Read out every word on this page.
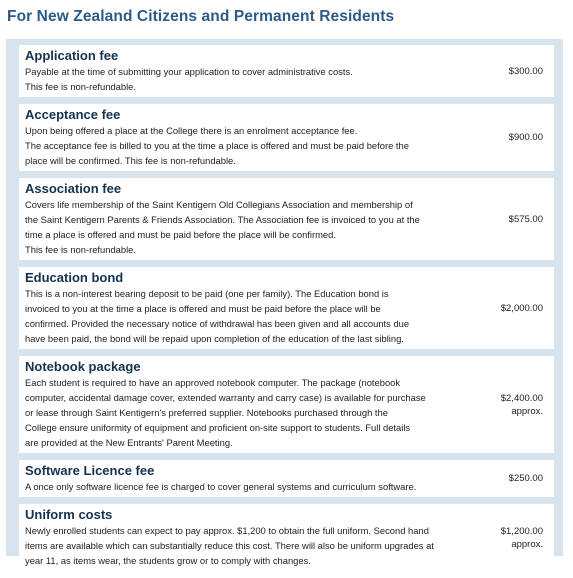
For New Zealand Citizens and Permanent Residents
Application fee
Payable at the time of submitting your application to cover administrative costs.
This fee is non-refundable.
$300.00
Acceptance fee
Upon being offered a place at the College there is an enrolment acceptance fee.
The acceptance fee is billed to you at the time a place is offered and must be paid before the
place will be confirmed. This fee is non-refundable.
$900.00
Association fee
Covers life membership of the Saint Kentigern Old Collegians Association and membership of
the Saint Kentigern Parents & Friends Association. The Association fee is invoiced to you at the
time a place is offered and must be paid before the place will be confirmed.
This fee is non-refundable.
$575.00
Education bond
This is a non-interest bearing deposit to be paid (one per family). The Education bond is
invoiced to you at the time a place is offered and must be paid before the place will be
confirmed. Provided the necessary notice of withdrawal has been given and all accounts due
have been paid, the bond will be repaid upon completion of the education of the last sibling.
$2,000.00
Notebook package
Each student is required to have an approved notebook computer. The package (notebook
computer, accidental damage cover, extended warranty and carry case) is available for purchase
or lease through Saint Kentigern's preferred supplier. Notebooks purchased through the
College ensure uniformity of equipment and proficient on-site support to students. Full details
are provided at the New Entrants' Parent Meeting.
$2,400.00
approx.
Software Licence fee
A once only software licence fee is charged to cover general systems and curriculum software.
$250.00
Uniform costs
Newly enrolled students can expect to pay approx. $1,200 to obtain the full uniform. Second hand
items are available which can substantially reduce this cost. There will also be uniform upgrades at
year 11, as items wear, the students grow or to comply with changes.
$1,200.00
approx.
